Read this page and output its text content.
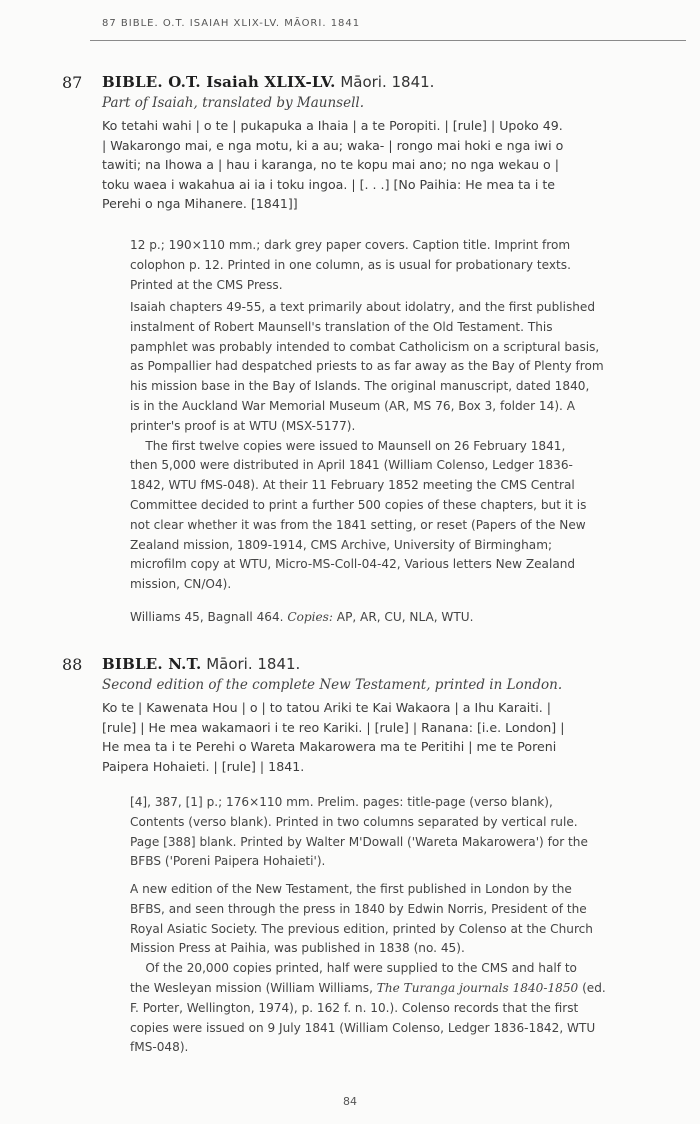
87 BIBLE. O.T. ISAIAH XLIX-LV. MĀORI. 1841
87 BIBLE. O.T. Isaiah XLIX-LV. Māori. 1841.
Part of Isaiah, translated by Maunsell.
Ko tetahi wahi | o te | pukapuka a Ihaia | a te Poropiti. | [rule] | Upoko 49.
| Wakarongo mai, e nga motu, ki a au; waka- | rongo mai hoki e nga iwi o
tawiti; na Ihowa a | hau i karanga, no te kopu mai ano; no nga wekau o |
toku waea i wakahua ai ia i toku ingoa. | [. . .] [No Paihia: He mea ta i te
Perehi o nga Mihanere. [1841]]
12 p.; 190×110 mm.; dark grey paper covers. Caption title. Imprint from
colophon p. 12. Printed in one column, as is usual for probationary texts.
Printed at the CMS Press.
Isaiah chapters 49-55, a text primarily about idolatry, and the first published
instalment of Robert Maunsell's translation of the Old Testament. This
pamphlet was probably intended to combat Catholicism on a scriptural basis,
as Pompallier had despatched priests to as far away as the Bay of Plenty from
his mission base in the Bay of Islands. The original manuscript, dated 1840,
is in the Auckland War Memorial Museum (AR, MS 76, Box 3, folder 14). A
printer's proof is at WTU (MSX-5177).
The first twelve copies were issued to Maunsell on 26 February 1841,
then 5,000 were distributed in April 1841 (William Colenso, Ledger 1836-
1842, WTU fMS-048). At their 11 February 1852 meeting the CMS Central
Committee decided to print a further 500 copies of these chapters, but it is
not clear whether it was from the 1841 setting, or reset (Papers of the New
Zealand mission, 1809-1914, CMS Archive, University of Birmingham;
microfilm copy at WTU, Micro-MS-Coll-04-42, Various letters New Zealand
mission, CN/O4).
Williams 45, Bagnall 464. Copies: AP, AR, CU, NLA, WTU.
88 BIBLE. N.T. Māori. 1841.
Second edition of the complete New Testament, printed in London.
Ko te | Kawenata Hou | o | to tatou Ariki te Kai Wakaora | a Ihu Karaiti. |
[rule] | He mea wakamaori i te reo Kariki. | [rule] | Ranana: [i.e. London] |
He mea ta i te Perehi o Wareta Makarowera ma te Peritihi | me te Poreni
Paipera Hohaieti. | [rule] | 1841.
[4], 387, [1] p.; 176×110 mm. Prelim. pages: title-page (verso blank),
Contents (verso blank). Printed in two columns separated by vertical rule.
Page [388] blank. Printed by Walter M'Dowall ('Wareta Makarowera') for the
BFBS ('Poreni Paipera Hohaieti').
A new edition of the New Testament, the first published in London by the
BFBS, and seen through the press in 1840 by Edwin Norris, President of the
Royal Asiatic Society. The previous edition, printed by Colenso at the Church
Mission Press at Paihia, was published in 1838 (no. 45).
Of the 20,000 copies printed, half were supplied to the CMS and half to
the Wesleyan mission (William Williams, The Turanga journals 1840-1850 (ed.
F. Porter, Wellington, 1974), p. 162 f. n. 10.). Colenso records that the first
copies were issued on 9 July 1841 (William Colenso, Ledger 1836-1842, WTU
fMS-048).
84
